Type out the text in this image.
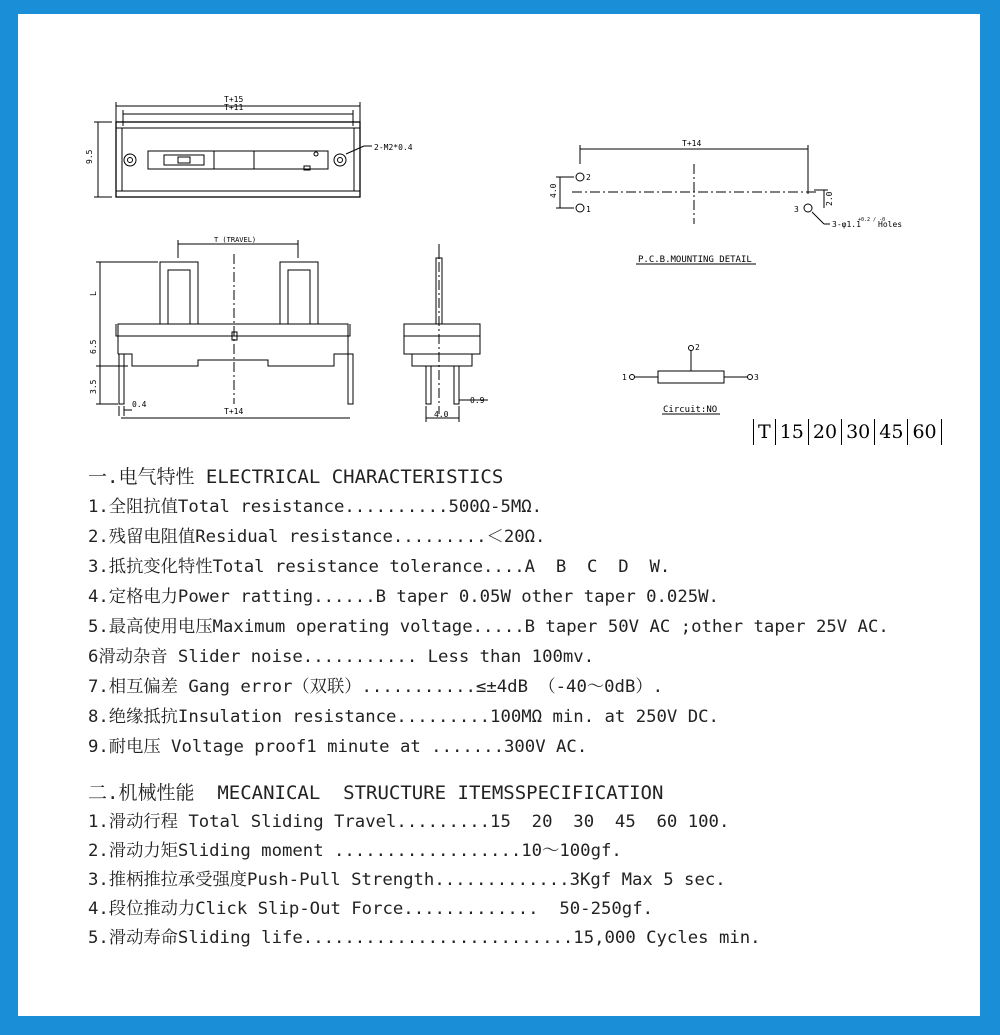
T+15
T+11
9.5
2-M2*0.4	T+14
4.0
2.0
2
1	3
3-φ1.1
+0.2 / -0
Holes
P.C.B.MOUNTING DETAIL
T (TRAVEL)
L
6.5
3.5
0.4
T+14	4.0
0.9
1
2
3
Circuit:NO
T 15 20 30 45 60
一.电气特性 ELECTRICAL CHARACTERISTICS
1.全阻抗值Total resistance..........500Ω-5MΩ.
2.残留电阻值Residual resistance.........＜20Ω.
3.抵抗变化特性Total resistance tolerance....A  B  C  D  W.
4.定格电力Power ratting......B taper 0.05W other taper 0.025W.
5.最高使用电压Maximum operating voltage.....B taper 50V AC ;other taper 25V AC.
6滑动杂音 Slider noise........... Less than 100mv.
7.相互偏差 Gang error（双联）...........≤±4dB （-40～0dB）.
8.绝缘抵抗Insulation resistance.........100MΩ min. at 250V DC.
9.耐电压 Voltage proof1 minute at .......300V AC.
二.机械性能  MECANICAL  STRUCTURE ITEMSSPECIFICATION
1.滑动行程 Total Sliding Travel.........15  20  30  45  60 100.
2.滑动力矩Sliding moment ..................10～100gf.
3.推柄推拉承受强度Push-Pull Strength.............3Kgf Max 5 sec.
4.段位推动力Click Slip-Out Force.............  50-250gf.
5.滑动寿命Sliding life..........................15,000 Cycles min.
